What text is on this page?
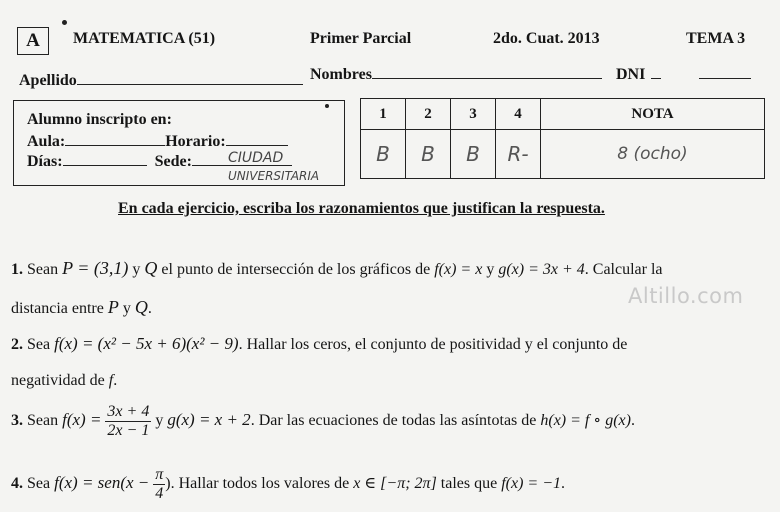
A	MATEMATICA (51)	Primer Parcial	2do. Cuat. 2013	TEMA 3
Apellido	Nombres	DNI
Alumno inscripto en:
Aula:	Horario:
Días:	Sede:	CIUDAD
UNIVERSITARIA
1	2	3	4	NOTA
B	B	B	R-	8 (ocho)
En cada ejercicio, escriba los razonamientos que justifican la respuesta.
1. Sean P = (3,1) y Q el punto de intersección de los gráficos de f(x) = x y g(x) = 3x + 4. Calcular la
distancia entre P y Q.
Altillo.com
2. Sea f(x) = (x² − 5x + 6)(x² − 9). Hallar los ceros, el conjunto de positividad y el conjunto de
negatividad de f.
3. Sean $f(x) = \frac{3x + 4}{2x - 1}$ y g(x) = x + 2. Dar las ecuaciones de todas las asíntotas de h(x) = f ∘ g(x).
4. Sea $f(x) = sen(x - \frac{\pi}{4}$ ). Hallar todos los valores de x ∈ [−π; 2π] tales que f(x) = −1.
